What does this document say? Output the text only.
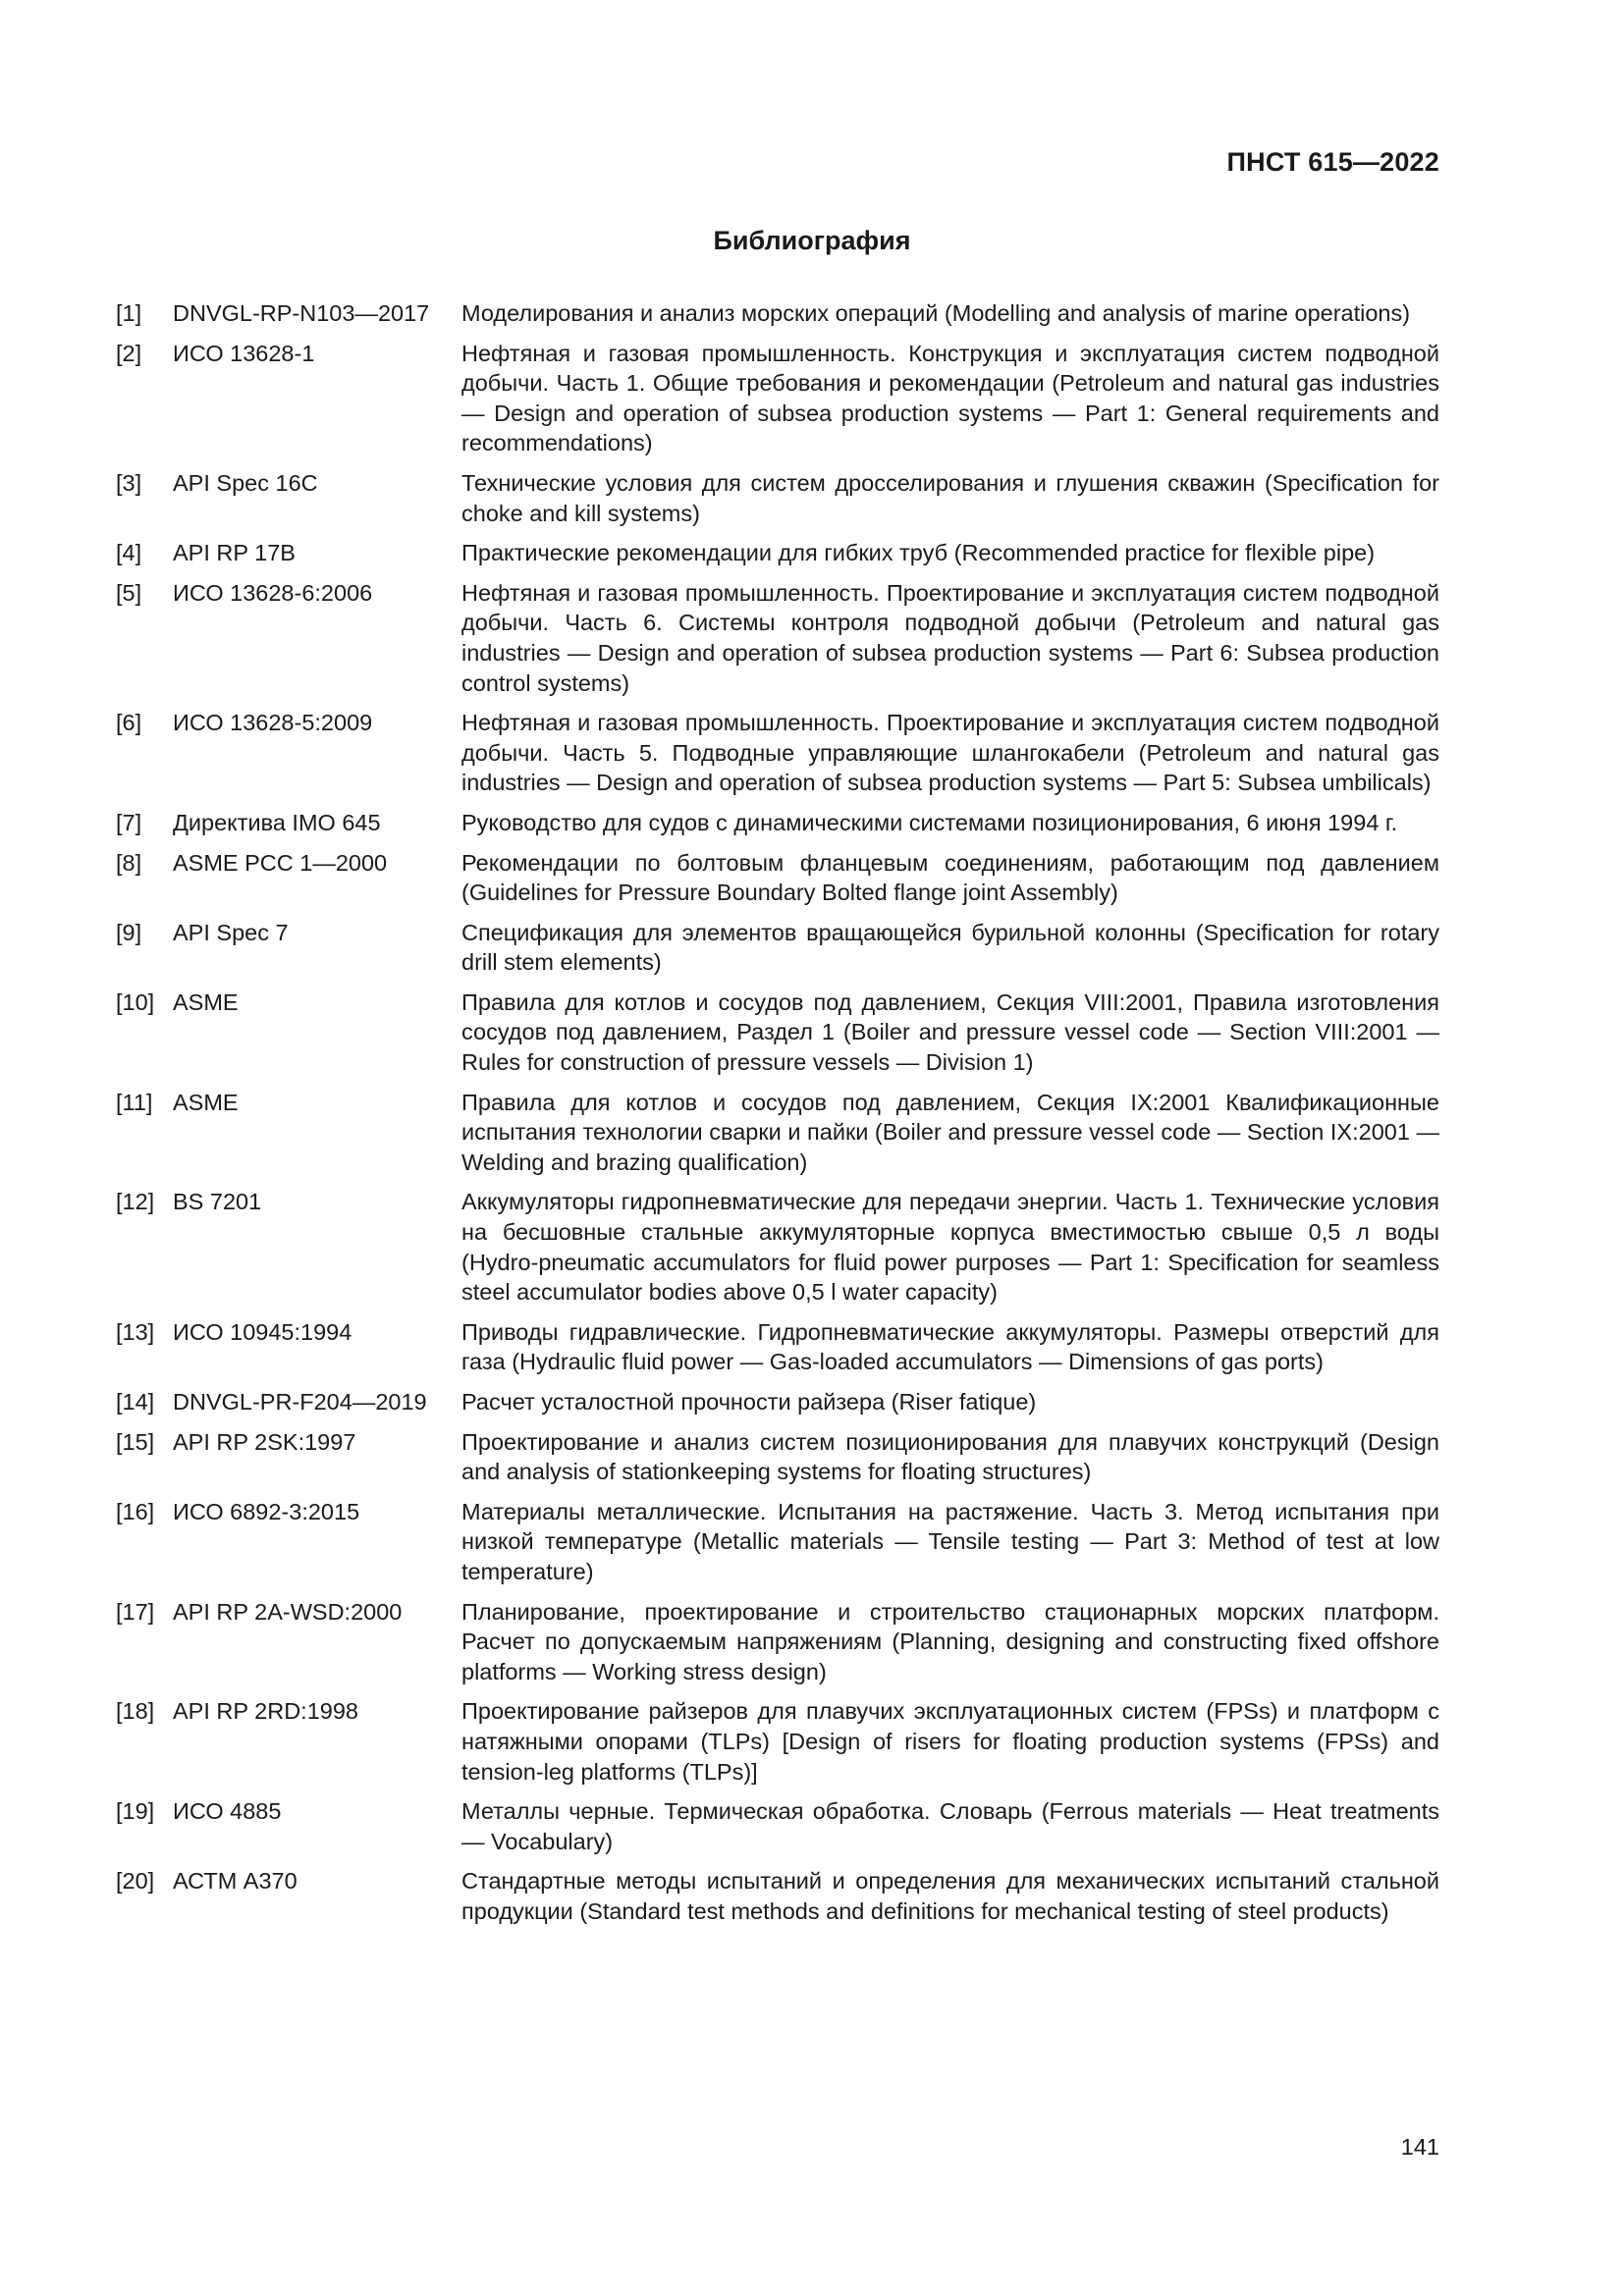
ПНСТ 615—2022
Библиография
[1]	DNVGL-RP-N103—2017	Моделирования и анализ морских операций (Modelling and analysis of marine operations)
[2]	ИСО 13628-1	Нефтяная и газовая промышленность. Конструкция и эксплуатация систем подводной добычи. Часть 1. Общие требования и рекомендации (Petroleum and natural gas industries — Design and operation of subsea production systems — Part 1: General requirements and recommendations)
[3]	API Spec 16C	Технические условия для систем дросселирования и глушения скважин (Specification for choke and kill systems)
[4]	API RP 17B	Практические рекомендации для гибких труб (Recommended practice for flexible pipe)
[5]	ИСО 13628-6:2006	Нефтяная и газовая промышленность. Проектирование и эксплуатация систем подводной добычи. Часть 6. Системы контроля подводной добычи (Petroleum and natural gas industries — Design and operation of subsea production systems — Part 6: Subsea production control systems)
[6]	ИСО 13628-5:2009	Нефтяная и газовая промышленность. Проектирование и эксплуатация систем подводной добычи. Часть 5. Подводные управляющие шлангокабели (Petroleum and natural gas industries — Design and operation of subsea production systems — Part 5: Subsea umbilicals)
[7]	Директива IMO 645	Руководство для судов с динамическими системами позиционирования, 6 июня 1994 г.
[8]	ASME PCC 1—2000	Рекомендации по болтовым фланцевым соединениям, работающим под давлением (Guidelines for Pressure Boundary Bolted flange joint Assembly)
[9]	API Spec 7	Спецификация для элементов вращающейся бурильной колонны (Specification for rotary drill stem elements)
[10] ASME	Правила для котлов и сосудов под давлением, Секция VIII:2001, Правила изготовления сосудов под давлением, Раздел 1 (Boiler and pressure vessel code — Section VIII:2001 — Rules for construction of pressure vessels — Division 1)
[11] ASME	Правила для котлов и сосудов под давлением, Секция IX:2001 Квалификационные испытания технологии сварки и пайки (Boiler and pressure vessel code — Section IX:2001 — Welding and brazing qualification)
[12] BS 7201	Аккумуляторы гидропневматические для передачи энергии. Часть 1. Технические условия на бесшовные стальные аккумуляторные корпуса вместимостью свыше 0,5 л воды (Hydro-pneumatic accumulators for fluid power purposes — Part 1: Specification for seamless steel accumulator bodies above 0,5 l water capacity)
[13] ИСО 10945:1994	Приводы гидравлические. Гидропневматические аккумуляторы. Размеры отверстий для газа (Hydraulic fluid power — Gas-loaded accumulators — Dimensions of gas ports)
[14] DNVGL-PR-F204—2019	Расчет усталостной прочности райзера (Riser fatique)
[15] API RP 2SK:1997	Проектирование и анализ систем позиционирования для плавучих конструкций (Design and analysis of stationkeeping systems for floating structures)
[16] ИСО 6892-3:2015	Материалы металлические. Испытания на растяжение. Часть 3. Метод испытания при низкой температуре (Metallic materials — Tensile testing — Part 3: Method of test at low temperature)
[17] API RP 2A-WSD:2000	Планирование, проектирование и строительство стационарных морских платформ. Расчет по допускаемым напряжениям (Planning, designing and constructing fixed offshore platforms — Working stress design)
[18] API RP 2RD:1998	Проектирование райзеров для плавучих эксплуатационных систем (FPSs) и платформ с натяжными опорами (TLPs) [Design of risers for floating production systems (FPSs) and tension-leg platforms (TLPs)]
[19] ИСО 4885	Металлы черные. Термическая обработка. Словарь (Ferrous materials — Heat treatments — Vocabulary)
[20] АСТМ А370	Стандартные методы испытаний и определения для механических испытаний стальной продукции (Standard test methods and definitions for mechanical testing of steel products)
141
